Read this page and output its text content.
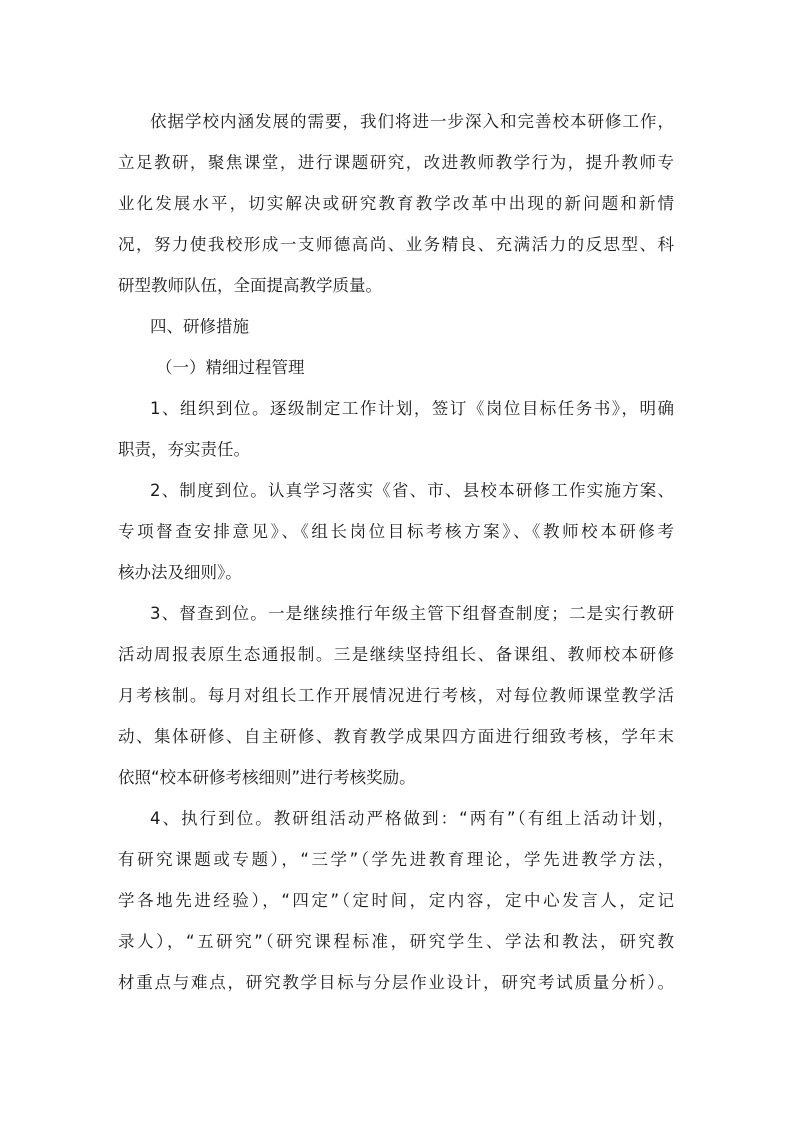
依据学校内涵发展的需要，我们将进一步深入和完善校本研修工作，
立足教研，聚焦课堂，进行课题研究，改进教师教学行为，提升教师专
业化发展水平，切实解决或研究教育教学改革中出现的新问题和新情
况，努力使我校形成一支师德高尚、业务精良、充满活力的反思型、科
研型教师队伍，全面提高教学质量。
四、研修措施
（一）精细过程管理
1、组织到位。逐级制定工作计划，签订《岗位目标任务书》，明确
职责，夯实责任。
2、制度到位。认真学习落实《省、市、县校本研修工作实施方案、
专项督查安排意见》、《组长岗位目标考核方案》、《教师校本研修考
核办法及细则》。
3、督查到位。一是继续推行年级主管下组督查制度；二是实行教研
活动周报表原生态通报制。三是继续坚持组长、备课组、教师校本研修
月考核制。每月对组长工作开展情况进行考核，对每位教师课堂教学活
动、集体研修、自主研修、教育教学成果四方面进行细致考核，学年末
依照“校本研修考核细则”进行考核奖励。
4、执行到位。教研组活动严格做到：“两有”（有组上活动计划，
有研究课题或专题），“三学”（学先进教育理论，学先进教学方法，
学各地先进经验），“四定”（定时间，定内容，定中心发言人，定记
录人），“五研究”（研究课程标准，研究学生、学法和教法，研究教
材重点与难点，研究教学目标与分层作业设计，研究考试质量分析）。
